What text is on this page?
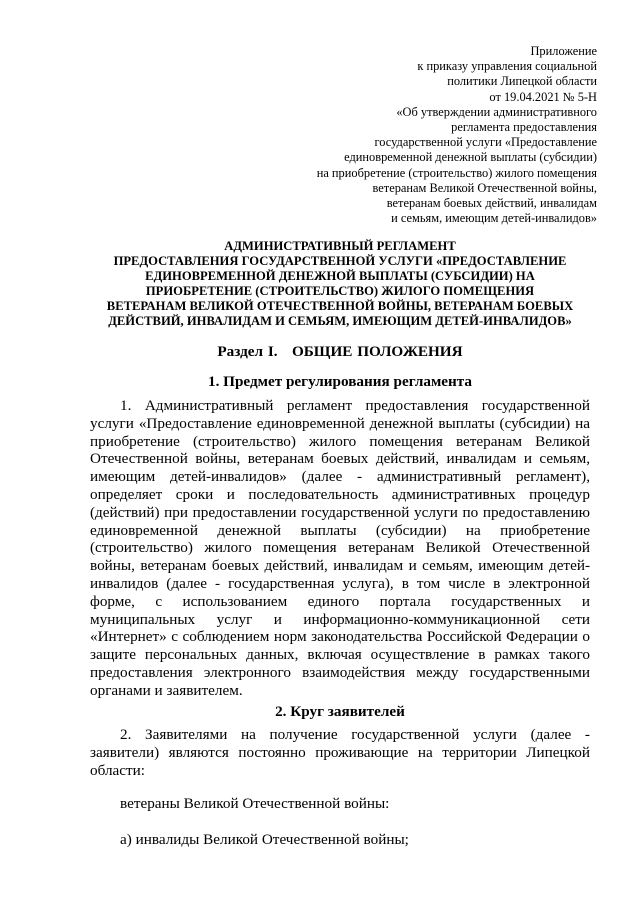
Приложение
к приказу управления социальной
политики Липецкой области
от 19.04.2021 № 5-Н
«Об утверждении административного
регламента предоставления
государственной услуги «Предоставление
единовременной денежной выплаты (субсидии)
на приобретение (строительство) жилого помещения
ветеранам Великой Отечественной войны,
ветеранам боевых действий, инвалидам
и семьям, имеющим детей-инвалидов»
АДМИНИСТРАТИВНЫЙ РЕГЛАМЕНТ
ПРЕДОСТАВЛЕНИЯ ГОСУДАРСТВЕННОЙ УСЛУГИ «ПРЕДОСТАВЛЕНИЕ
ЕДИНОВРЕМЕННОЙ ДЕНЕЖНОЙ ВЫПЛАТЫ (СУБСИДИИ) НА
ПРИОБРЕТЕНИЕ (СТРОИТЕЛЬСТВО) ЖИЛОГО ПОМЕЩЕНИЯ
ВЕТЕРАНАМ ВЕЛИКОЙ ОТЕЧЕСТВЕННОЙ ВОЙНЫ, ВЕТЕРАНАМ БОЕВЫХ
ДЕЙСТВИЙ, ИНВАЛИДАМ И СЕМЬЯМ, ИМЕЮЩИМ ДЕТЕЙ-ИНВАЛИДОВ»
Раздел I.   ОБЩИЕ ПОЛОЖЕНИЯ
1. Предмет регулирования регламента
1. Административный регламент предоставления государственной
услуги «Предоставление единовременной денежной выплаты (субсидии) на
приобретение (строительство) жилого помещения ветеранам Великой
Отечественной войны, ветеранам боевых действий, инвалидам и семьям,
имеющим детей-инвалидов» (далее - административный регламент),
определяет сроки и последовательность административных процедур
(действий) при предоставлении государственной услуги по предоставлению
единовременной денежной выплаты (субсидии) на приобретение
(строительство) жилого помещения ветеранам Великой Отечественной
войны, ветеранам боевых действий, инвалидам и семьям, имеющим детей-
инвалидов (далее - государственная услуга), в том числе в электронной
форме, с использованием единого портала государственных и
муниципальных услуг и информационно-коммуникационной сети
«Интернет» с соблюдением норм законодательства Российской Федерации о
защите персональных данных, включая осуществление в рамках такого
предоставления электронного взаимодействия между государственными
органами и заявителем.
2. Круг заявителей
2. Заявителями на получение государственной услуги (далее -
заявители) являются постоянно проживающие на территории Липецкой
области:
ветераны Великой Отечественной войны:
а) инвалиды Великой Отечественной войны;
